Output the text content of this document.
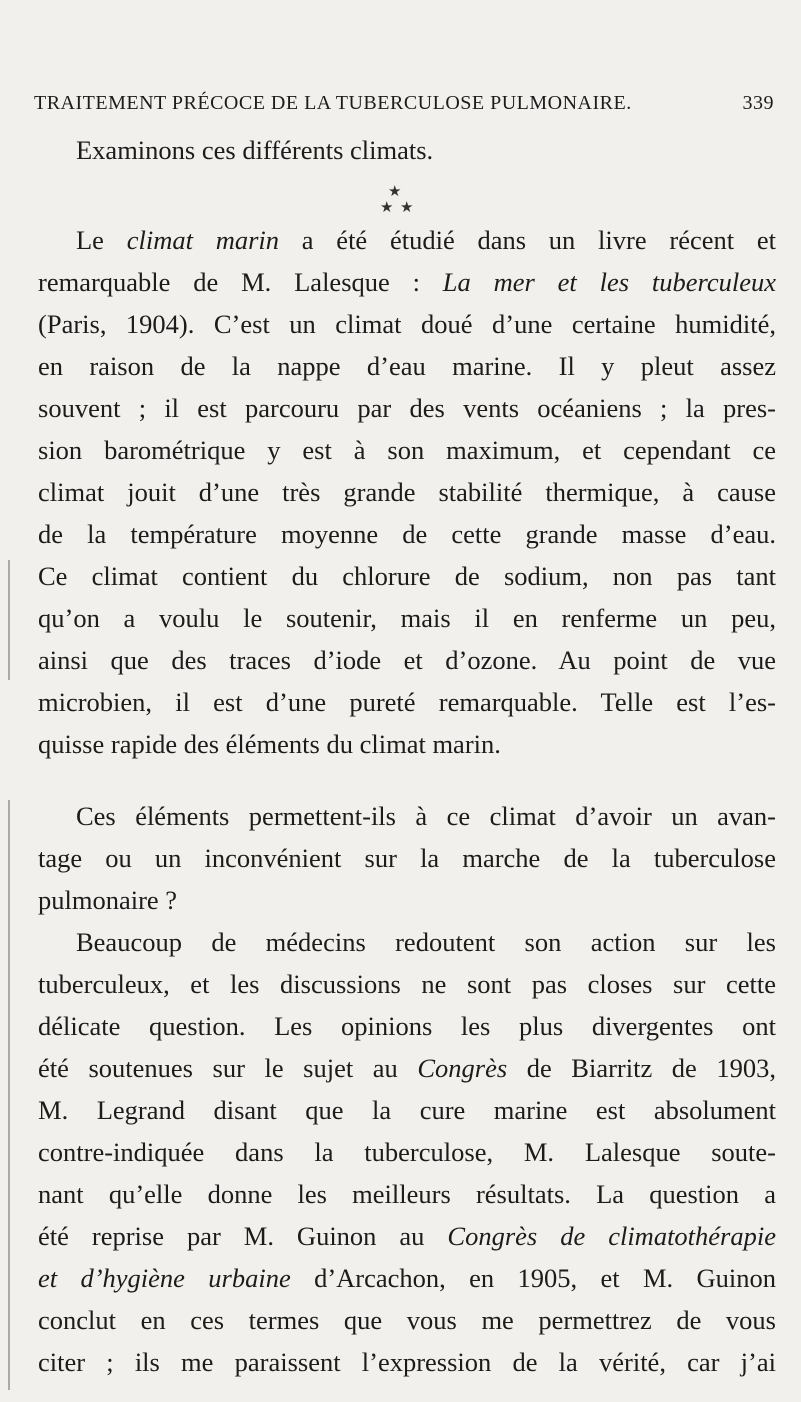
TRAITEMENT PRÉCOCE DE LA TUBERCULOSE PULMONAIRE.	339
Examinons ces différents climats.
★
★ ★
Le climat marin a été étudié dans un livre récent et
remarquable de M. Lalesque : La mer et les tuberculeux
(Paris, 1904). C’est un climat doué d’une certaine humidité,
en raison de la nappe d’eau marine. Il y pleut assez
souvent ; il est parcouru par des vents océaniens ; la pres-
sion barométrique y est à son maximum, et cependant ce
climat jouit d’une très grande stabilité thermique, à cause
de la température moyenne de cette grande masse d’eau.
Ce climat contient du chlorure de sodium, non pas tant
qu’on a voulu le soutenir, mais il en renferme un peu,
ainsi que des traces d’iode et d’ozone. Au point de vue
microbien, il est d’une pureté remarquable. Telle est l’es-
quisse rapide des éléments du climat marin.
Ces éléments permettent-ils à ce climat d’avoir un avan-
tage ou un inconvénient sur la marche de la tuberculose
pulmonaire ?
Beaucoup de médecins redoutent son action sur les
tuberculeux, et les discussions ne sont pas closes sur cette
délicate question. Les opinions les plus divergentes ont
été soutenues sur le sujet au Congrès de Biarritz de 1903,
M. Legrand disant que la cure marine est absolument
contre-indiquée dans la tuberculose, M. Lalesque soute-
nant qu’elle donne les meilleurs résultats. La question a
été reprise par M. Guinon au Congrès de climatothérapie
et d’hygiène urbaine d’Arcachon, en 1905, et M. Guinon
conclut en ces termes que vous me permettrez de vous
citer ; ils me paraissent l’expression de la vérité, car j’ai
